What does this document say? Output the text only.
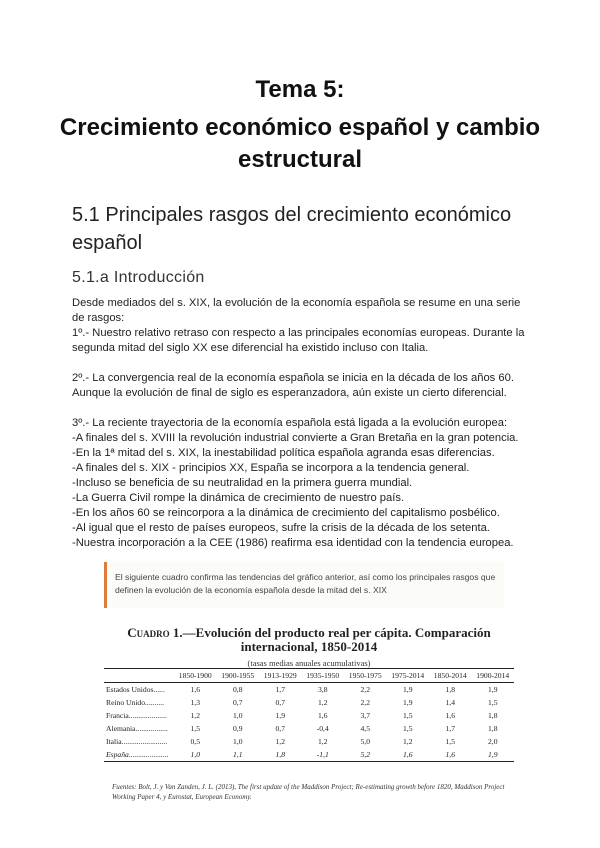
Tema 5:
Crecimiento económico español y cambio estructural
5.1 Principales rasgos del crecimiento económico español
5.1.a Introducción

Desde mediados del s. XIX, la evolución de la economía española se resume en una serie de rasgos:

1º.- Nuestro relativo retraso con respecto a las principales economías europeas. Durante la segunda mitad del siglo XX ese diferencial ha existido incluso con Italia.

2º.- La convergencia real de la economía española se inicia en la década de los años 60. Aunque la evolución de final de siglo es esperanzadora, aún existe un cierto diferencial.

3º.- La reciente trayectoria de la economía española está ligada a la evolución europea:

-A finales del s. XVIII la revolución industrial convierte a Gran Bretaña en la gran potencia.

-En la 1ª mitad del s. XIX, la inestabilidad política española agranda esas diferencias.

-A finales del s. XIX - principios XX, España se incorpora a la tendencia general.

-Incluso se beneficia de su neutralidad en la primera guerra mundial.

-La Guerra Civil rompe la dinámica de crecimiento de nuestro país.

-En los años 60 se reincorpora a la dinámica de crecimiento del capitalismo posbélico.

-Al igual que el resto de países europeos, sufre la crisis de la década de los setenta.

-Nuestra incorporación a la CEE (1986) reafirma esa identidad con la tendencia europea.

El siguiente cuadro confirma las tendencias del gráfico anterior, así como los principales rasgos que definen la evolución de la economía española desde la mitad del s. XIX
Cuadro 1.—Evolución del producto real per cápita. Comparación internacional, 1850-2014
(tasas medias anuales acumulativas)
	1850-1900	1900-1955	1913-1929	1935-1950	1950-1975	1975-2014	1850-2014	1900-2014
Estados Unidos......	1,6	0,8	1,7	3,8	2,2	1,9	1,8	1,9
Reino Unido..........	1,3	0,7	0,7	1,2	2,2	1,9	1,4	1,5
Francia....................	1,2	1,0	1,9	1,6	3,7	1,5	1,6	1,8
Alemania.................	1,5	0,9	0,7	-0,4	4,5	1,5	1,7	1,8
Italia........................	0,5	1,0	1,2	1,2	5,0	1,2	1,5	2,0
España.....................	1,0	1,1	1,8	-1,1	5,2	1,6	1,6	1,9
Fuentes: Bolt, J. y Van Zanden, J. L. (2013), The first update of the Maddison Project; Re-estimating growth before 1820, Maddison Project Working Paper 4, y Eurostat, European Economy.
